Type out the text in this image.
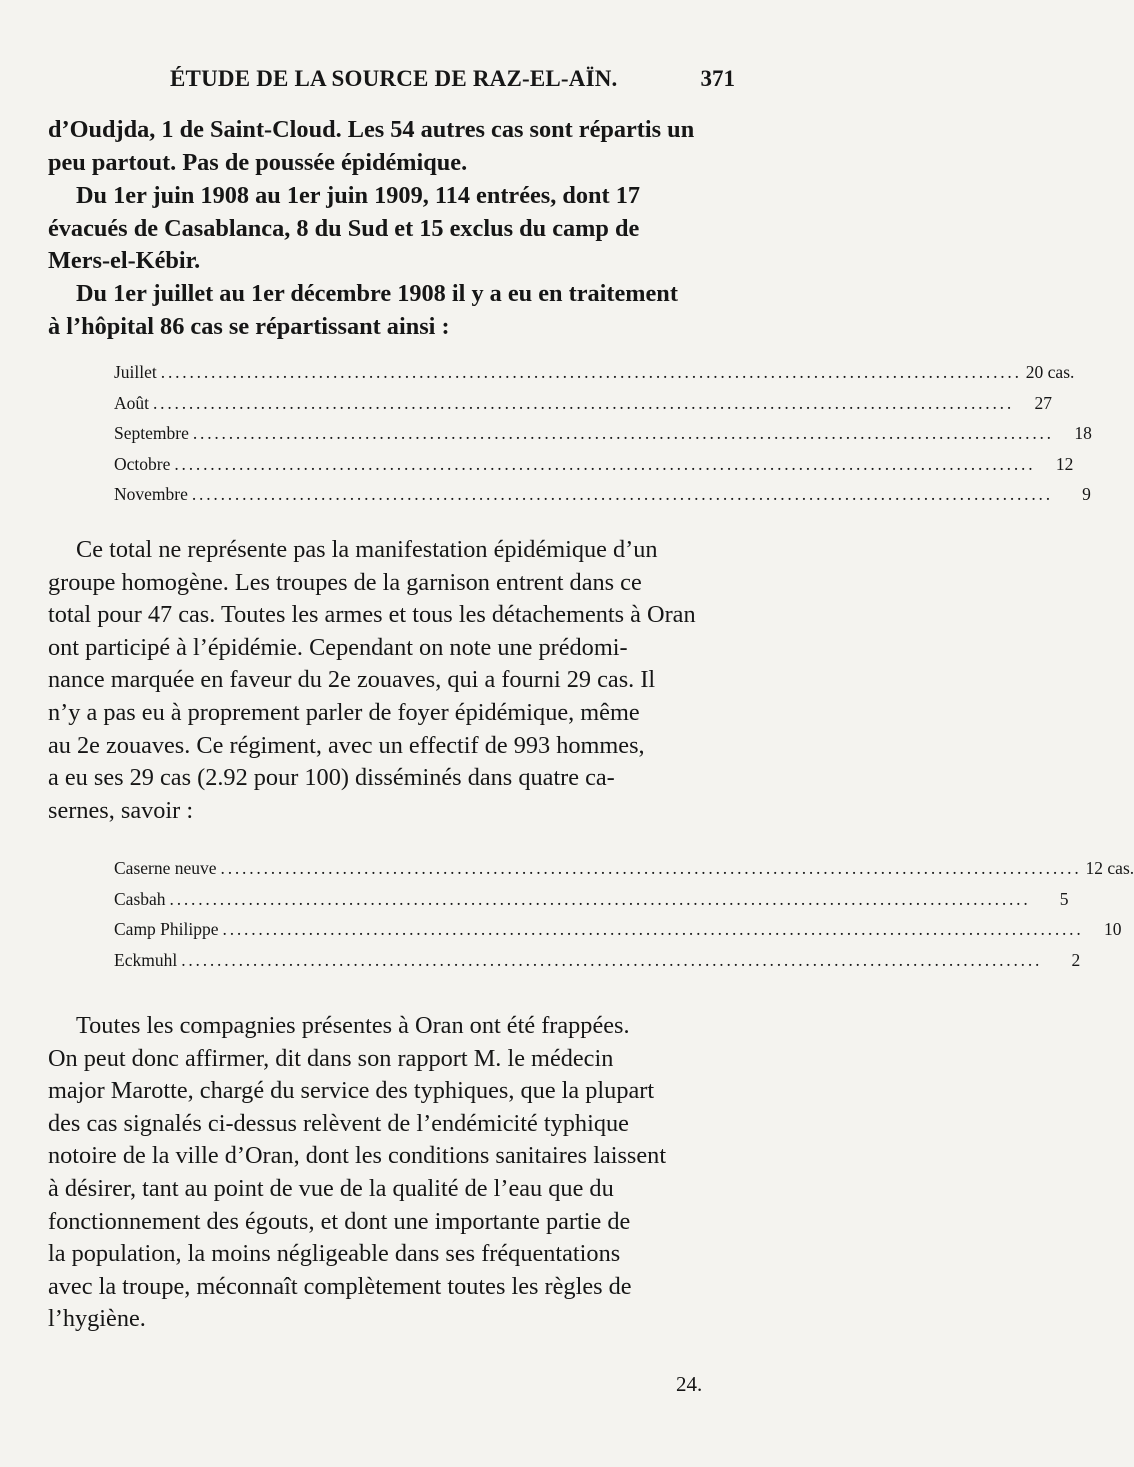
ÉTUDE DE LA SOURCE DE RAZ-EL-AÏN.	371
d’Oudjda, 1 de Saint-Cloud. Les 54 autres cas sont répartis un
peu partout. Pas de poussée épidémique.
Du 1er juin 1908 au 1er juin 1909, 114 entrées, dont 17
évacués de Casablanca, 8 du Sud et 15 exclus du camp de
Mers-el-Kébir.
Du 1er juillet au 1er décembre 1908 il y a eu en traitement
à l’hôpital 86 cas se répartissant ainsi :
Juillet ........................................................................................................................ 20 cas.
Août ........................................................................................................................	27
Septembre ........................................................................................................................	18
Octobre ........................................................................................................................	12
Novembre ........................................................................................................................	9
Ce total ne représente pas la manifestation épidémique d’un
groupe homogène. Les troupes de la garnison entrent dans ce
total pour 47 cas. Toutes les armes et tous les détachements à Oran
ont participé à l’épidémie. Cependant on note une prédomi-
nance marquée en faveur du 2e zouaves, qui a fourni 29 cas. Il
n’y a pas eu à proprement parler de foyer épidémique, même
au 2e zouaves. Ce régiment, avec un effectif de 993 hommes,
a eu ses 29 cas (2.92 pour 100) disséminés dans quatre ca-
sernes, savoir :
Caserne neuve ........................................................................................................................ 12 cas.
Casbah ........................................................................................................................	5
Camp Philippe ........................................................................................................................	10
Eckmuhl ........................................................................................................................	2
Toutes les compagnies présentes à Oran ont été frappées.
On peut donc affirmer, dit dans son rapport M. le médecin
major Marotte, chargé du service des typhiques, que la plupart
des cas signalés ci-dessus relèvent de l’endémicité typhique
notoire de la ville d’Oran, dont les conditions sanitaires laissent
à désirer, tant au point de vue de la qualité de l’eau que du
fonctionnement des égouts, et dont une importante partie de
la population, la moins négligeable dans ses fréquentations
avec la troupe, méconnaît complètement toutes les règles de
l’hygiène.
24.
